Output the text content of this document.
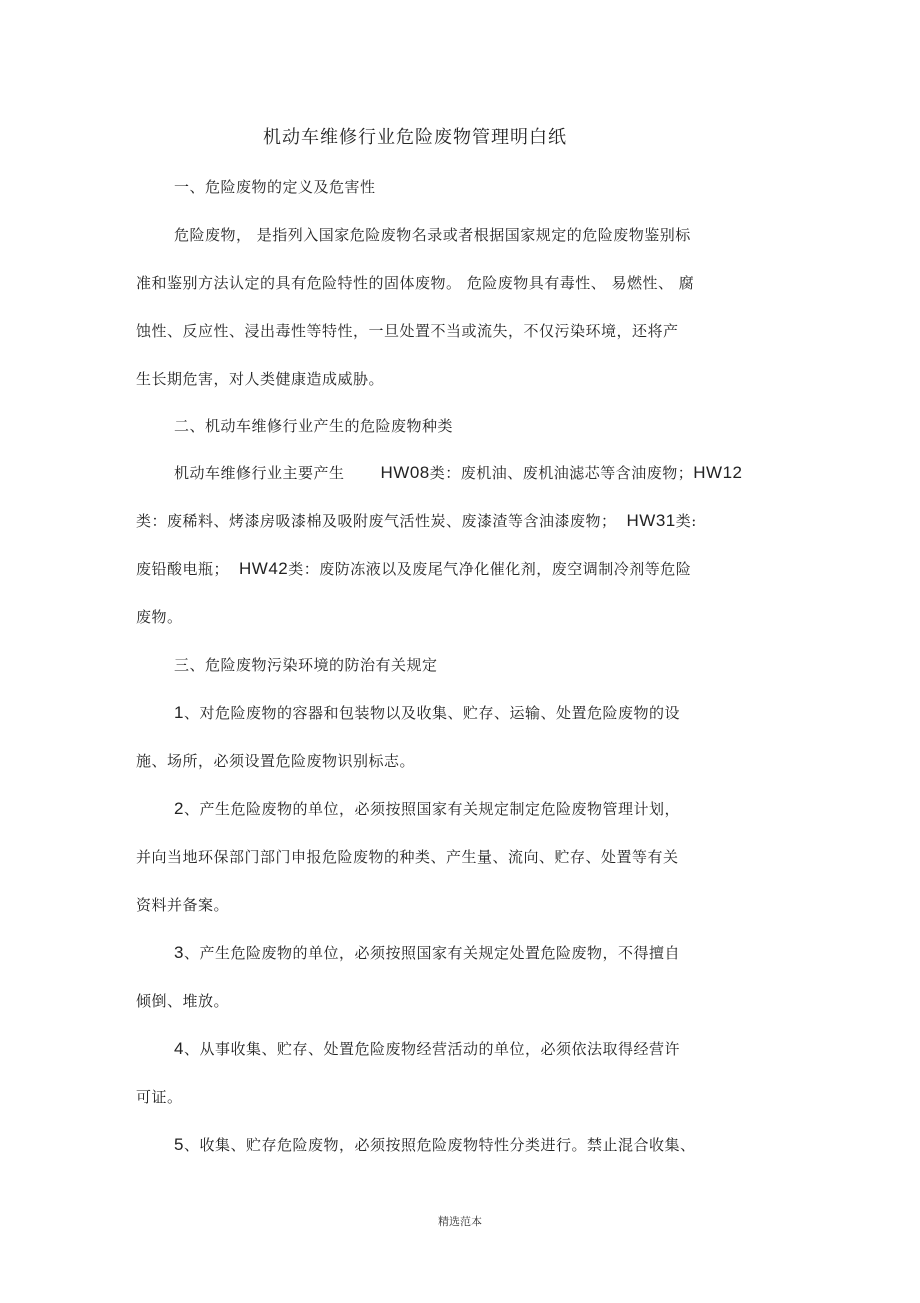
机动车维修行业危险废物管理明白纸
一、危险废物的定义及危害性
危险废物， 是指列入国家危险废物名录或者根据国家规定的危险废物鉴别标
准和鉴别方法认定的具有危险特性的固体废物。 危险废物具有毒性、 易燃性、 腐
蚀性、反应性、浸出毒性等特性，一旦处置不当或流失，不仅污染环境，还将产
生长期危害，对人类健康造成威胁。
二、机动车维修行业产生的危险废物种类
机动车维修行业主要产生 HW08类：废机油、废机油滤芯等含油废物；HW12
类：废稀料、烤漆房吸漆棉及吸附废气活性炭、废漆渣等含油漆废物； HW31类:
废铅酸电瓶； HW42类：废防冻液以及废尾气净化催化剂，废空调制冷剂等危险
废物。
三、危险废物污染环境的防治有关规定
1、对危险废物的容器和包装物以及收集、贮存、运输、处置危险废物的设
施、场所，必须设置危险废物识别标志。
2、产生危险废物的单位，必须按照国家有关规定制定危险废物管理计划，
并向当地环保部门部门申报危险废物的种类、产生量、流向、贮存、处置等有关
资料并备案。
3、产生危险废物的单位，必须按照国家有关规定处置危险废物，不得擅自
倾倒、堆放。
4、从事收集、贮存、处置危险废物经营活动的单位，必须依法取得经营许
可证。
5、收集、贮存危险废物，必须按照危险废物特性分类进行。禁止混合收集、
精选范本
